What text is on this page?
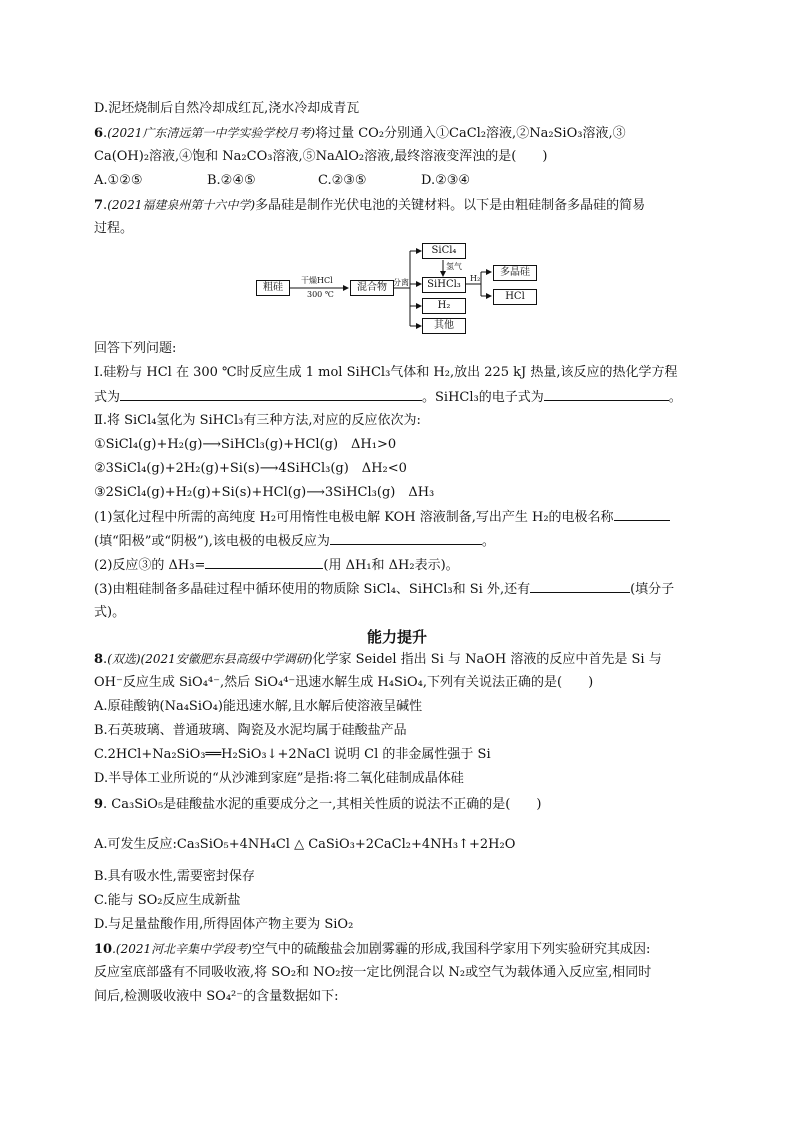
D.泥坯烧制后自然冷却成红瓦,浇水冷却成青瓦
6.(2021广东清远第一中学实验学校月考)将过量 CO₂分别通入①CaCl₂溶液,②Na₂SiO₃溶液,③
Ca(OH)₂溶液,④饱和 Na₂CO₃溶液,⑤NaAlO₂溶液,最终溶液变浑浊的是(　　)
A.①②⑤	B.②④⑤	C.②③⑤	D.②③④
7.(2021福建泉州第十六中学)多晶硅是制作光伏电池的关键材料。以下是由粗硅制备多晶硅的简易
过程。
粗硅
干燥HCl
300 ℃
混合物 分离
SiCl₄
氢气
SiHCl₃
H₂
H₂
其他
多晶硅
HCl
回答下列问题:
Ⅰ.硅粉与 HCl 在 300 ℃时反应生成 1 mol SiHCl₃气体和 H₂,放出 225 kJ 热量,该反应的热化学方程
式为	。SiHCl₃的电子式为	。
Ⅱ.将 SiCl₄氢化为 SiHCl₃有三种方法,对应的反应依次为:
①SiCl₄(g)+H₂(g)⟶SiHCl₃(g)+HCl(g)　ΔH₁>0
②3SiCl₄(g)+2H₂(g)+Si(s)⟶4SiHCl₃(g)　ΔH₂<0
③2SiCl₄(g)+H₂(g)+Si(s)+HCl(g)⟶3SiHCl₃(g)　ΔH₃
(1)氢化过程中所需的高纯度 H₂可用惰性电极电解 KOH 溶液制备,写出产生 H₂的电极名称
(填“阳极”或“阴极”),该电极的电极反应为	。
(2)反应③的 ΔH₃=	(用 ΔH₁和 ΔH₂表示)。
(3)由粗硅制备多晶硅过程中循环使用的物质除 SiCl₄、SiHCl₃和 Si 外,还有	(填分子
式)。
能力提升
8.(双选)(2021安徽肥东县高级中学调研)化学家 Seidel 指出 Si 与 NaOH 溶液的反应中首先是 Si 与
OH⁻反应生成 SiO₄⁴⁻,然后 SiO₄⁴⁻迅速水解生成 H₄SiO₄,下列有关说法正确的是(　　)
A.原硅酸钠(Na₄SiO₄)能迅速水解,且水解后使溶液呈碱性
B.石英玻璃、普通玻璃、陶瓷及水泥均属于硅酸盐产品
C.2HCl+Na₂SiO₃══H₂SiO₃↓+2NaCl 说明 Cl 的非金属性强于 Si
D.半导体工业所说的“从沙滩到家庭”是指:将二氧化硅制成晶体硅
9. Ca₃SiO₅是硅酸盐水泥的重要成分之一,其相关性质的说法不正确的是(　　)
A.可发生反应:Ca₃SiO₅+4NH₄Cl △ CaSiO₃+2CaCl₂+4NH₃↑+2H₂O
B.具有吸水性,需要密封保存
C.能与 SO₂反应生成新盐
D.与足量盐酸作用,所得固体产物主要为 SiO₂
10.(2021河北辛集中学段考)空气中的硫酸盐会加剧雾霾的形成,我国科学家用下列实验研究其成因:
反应室底部盛有不同吸收液,将 SO₂和 NO₂按一定比例混合以 N₂或空气为载体通入反应室,相同时
间后,检测吸收液中 SO₄²⁻的含量数据如下:
